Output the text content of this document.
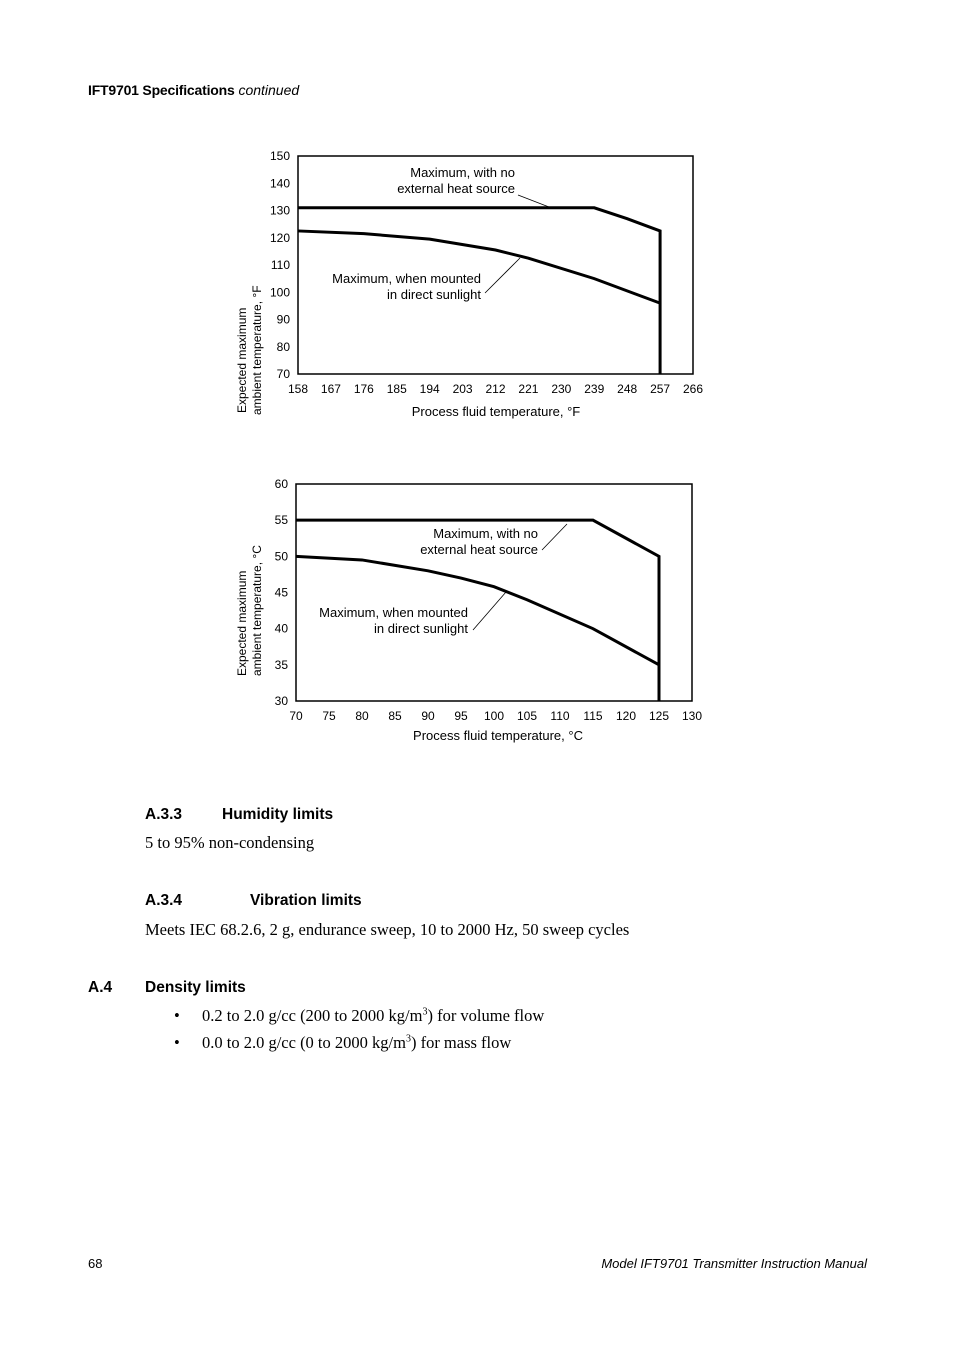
IFT9701 Specifications continued
70
80
90
100
110
120
130
140
150
158 167 176 185 194 203 212 221 230 239 248 257 266
Expected maximum ambient temperature, °F	Process fluid temperature, °F
Maximum, with no
external heat source
Maximum, when mounted
in direct sunlight
30
35
40
45
50
55
60
70 75 80 85 90 95 100 105 110 115 120 125 130
Expected maximum ambient temperature, °C
Process fluid temperature, °C
Maximum, with no
external heat source
Maximum, when mounted
in direct sunlight
A.3.3	Humidity limits

5 to 95% non-condensing

A.3.4	Vibration limits

Meets IEC 68.2.6, 2 g, endurance sweep, 10 to 2000 Hz, 50 sweep cycles

A.4 Density limits
• 0.2 to 2.0 g/cc (200 to 2000 $kg/m^3$) for volume flow
• 0.0 to 2.0 g/cc (0 to 2000 $kg/m^3$) for mass flow
68	Model IFT9701 Transmitter Instruction Manual
